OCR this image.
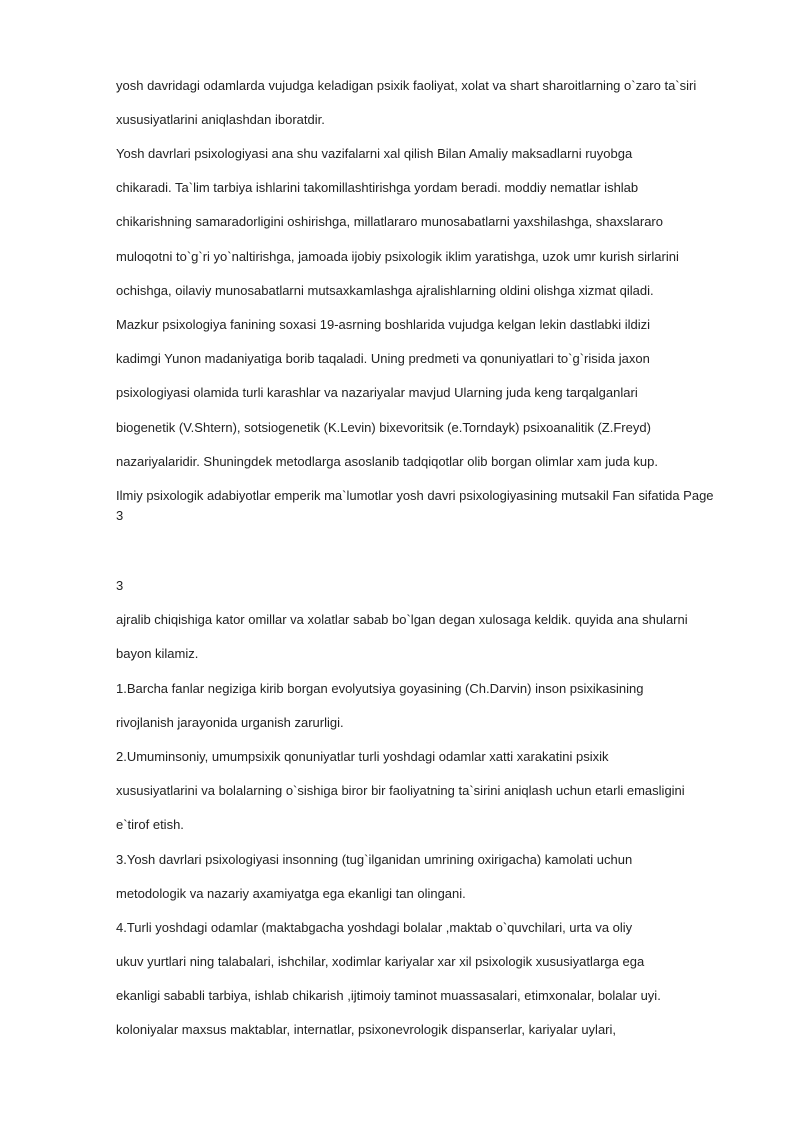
yosh davridagi odamlarda vujudga keladigan psixik faoliyat, xolat va shart sharoitlarning o`zaro ta`siri
xususiyatlarini aniqlashdan iboratdir.
Yosh davrlari psixologiyasi ana shu vazifalarni xal qilish Bilan Amaliy maksadlarni ruyobga
chikaradi. Ta`lim tarbiya ishlarini takomillashtirishga yordam beradi. moddiy nematlar ishlab
chikarishning samaradorligini oshirishga, millatlararo munosabatlarni yaxshilashga, shaxslararo
muloqotni to`g`ri yo`naltirishga, jamoada ijobiy psixologik iklim yaratishga, uzok umr kurish sirlarini
ochishga, oilaviy munosabatlarni mutsaxkamlashga ajralishlarning oldini olishga xizmat qiladi.
Mazkur psixologiya fanining soxasi 19-asrning boshlarida vujudga kelgan lekin dastlabki ildizi
kadimgi Yunon madaniyatiga borib taqaladi. Uning predmeti va qonuniyatlari to`g`risida jaxon
psixologiyasi olamida turli karashlar va nazariyalar mavjud Ularning juda keng tarqalganlari
biogenetik (V.Shtern), sotsiogenetik (K.Levin) bixevoritsik (e.Torndayk) psixoanalitik (Z.Freyd)
nazariyalaridir. Shuningdek metodlarga asoslanib tadqiqotlar olib borgan olimlar xam juda kup.
Ilmiy psixologik adabiyotlar emperik ma`lumotlar yosh davri psixologiyasining mutsakil Fan sifatida Page
3
3
ajralib chiqishiga kator omillar va xolatlar sabab bo`lgan degan xulosaga keldik. quyida ana shularni
bayon kilamiz.
1.Barcha fanlar negiziga kirib borgan evolyutsiya goyasining (Ch.Darvin) inson psixikasining
rivojlanish jarayonida urganish zarurligi.
2.Umuminsoniy, umumpsixik qonuniyatlar turli yoshdagi odamlar xatti xarakatini psixik
xususiyatlarini va bolalarning o`sishiga biror bir faoliyatning ta`sirini aniqlash uchun etarli emasligini
e`tirof etish.
3.Yosh davrlari psixologiyasi insonning (tug`ilganidan umrining oxirigacha) kamolati uchun
metodologik va nazariy axamiyatga ega ekanligi tan olingani.
4.Turli yoshdagi odamlar (maktabgacha yoshdagi bolalar ,maktab o`quvchilari, urta va oliy
ukuv yurtlari ning talabalari, ishchilar, xodimlar kariyalar xar xil psixologik xususiyatlarga ega
ekanligi sababli tarbiya, ishlab chikarish ,ijtimoiy taminot muassasalari, etimxonalar, bolalar uyi.
koloniyalar maxsus maktablar, internatlar, psixonevrologik dispanserlar, kariyalar uylari,
